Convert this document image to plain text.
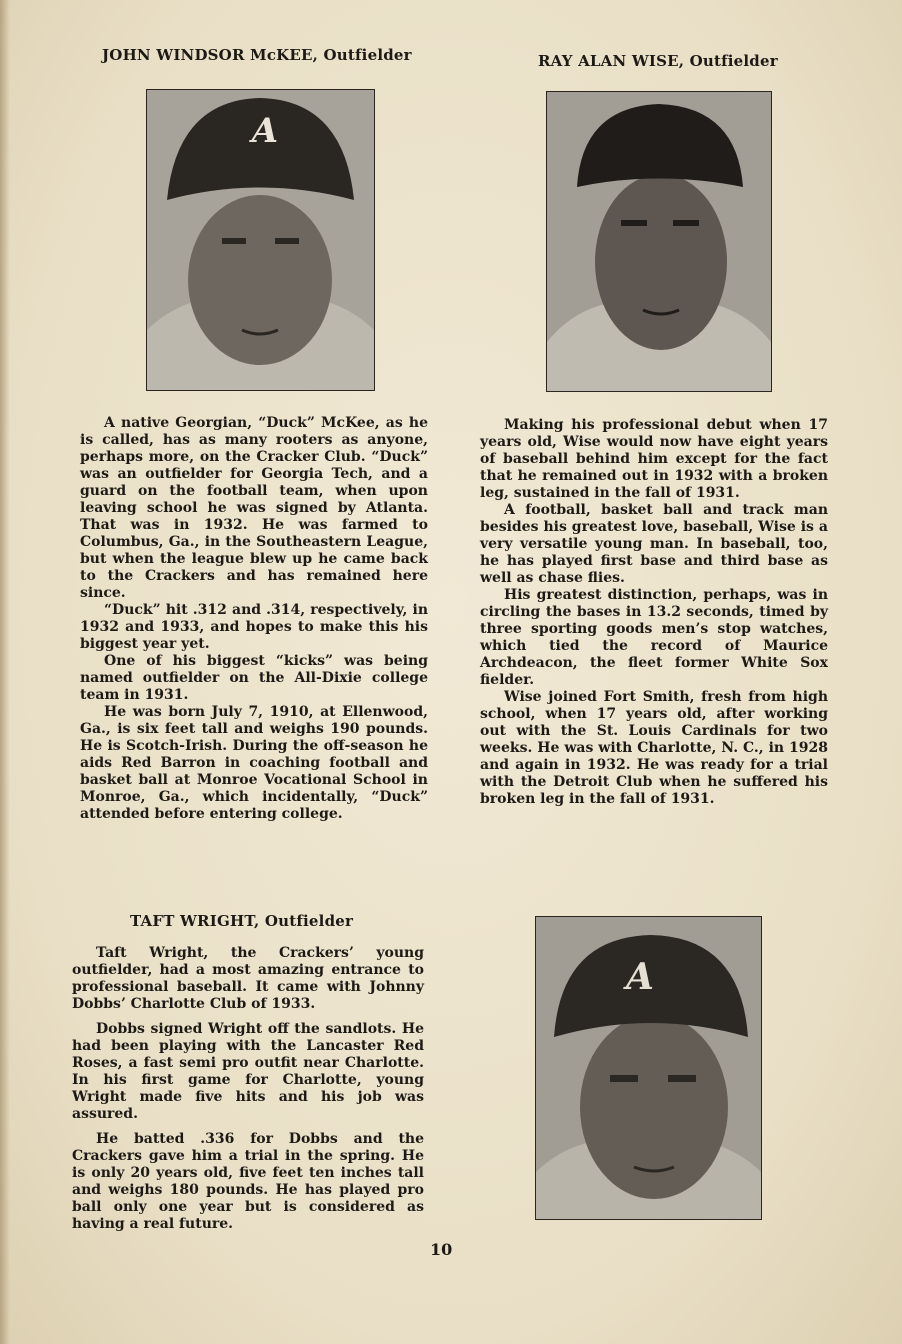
JOHN WINDSOR McKEE, Outfielder
A

A native Georgian, “Duck” McKee, as he is called, has as many rooters as anyone, perhaps more, on the Cracker Club. “Duck” was an outfielder for Georgia Tech, and a guard on the football team, when upon leaving school he was signed by Atlanta. That was in 1932. He was farmed to Columbus, Ga., in the Southeastern League, but when the league blew up he came back to the Crackers and has remained here since.

“Duck” hit .312 and .314, respectively, in 1932 and 1933, and hopes to make this his biggest year yet.

One of his biggest “kicks” was being named outfielder on the All-Dixie college team in 1931.

He was born July 7, 1910, at Ellenwood, Ga., is six feet tall and weighs 190 pounds. He is Scotch-Irish. During the off-season he aids Red Barron in coaching football and basket ball at Monroe Vocational School in Monroe, Ga., which incidentally, “Duck” attended before entering college.

RAY ALAN WISE, Outfielder

Making his professional debut when 17 years old, Wise would now have eight years of baseball behind him except for the fact that he remained out in 1932 with a broken leg, sustained in the fall of 1931.

A football, basket ball and track man besides his greatest love, baseball, Wise is a very versatile young man. In baseball, too, he has played first base and third base as well as chase flies.

His greatest distinction, perhaps, was in circling the bases in 13.2 seconds, timed by three sporting goods men’s stop watches, which tied the record of Maurice Archdeacon, the fleet former White Sox fielder.

Wise joined Fort Smith, fresh from high school, when 17 years old, after working out with the St. Louis Cardinals for two weeks. He was with Charlotte, N. C., in 1928 and again in 1932. He was ready for a trial with the Detroit Club when he suffered his broken leg in the fall of 1931.

TAFT WRIGHT, Outfielder

Taft Wright, the Crackers’ young outfielder, had a most amazing entrance to professional baseball. It came with Johnny Dobbs’ Charlotte Club of 1933.

Dobbs signed Wright off the sandlots. He had been playing with the Lancaster Red Roses, a fast semi pro outfit near Charlotte. In his first game for Charlotte, young Wright made five hits and his job was assured.

He batted .336 for Dobbs and the Crackers gave him a trial in the spring. He is only 20 years old, five feet ten inches tall and weighs 180 pounds. He has played pro ball only one year but is considered as having a real future.

A
10
